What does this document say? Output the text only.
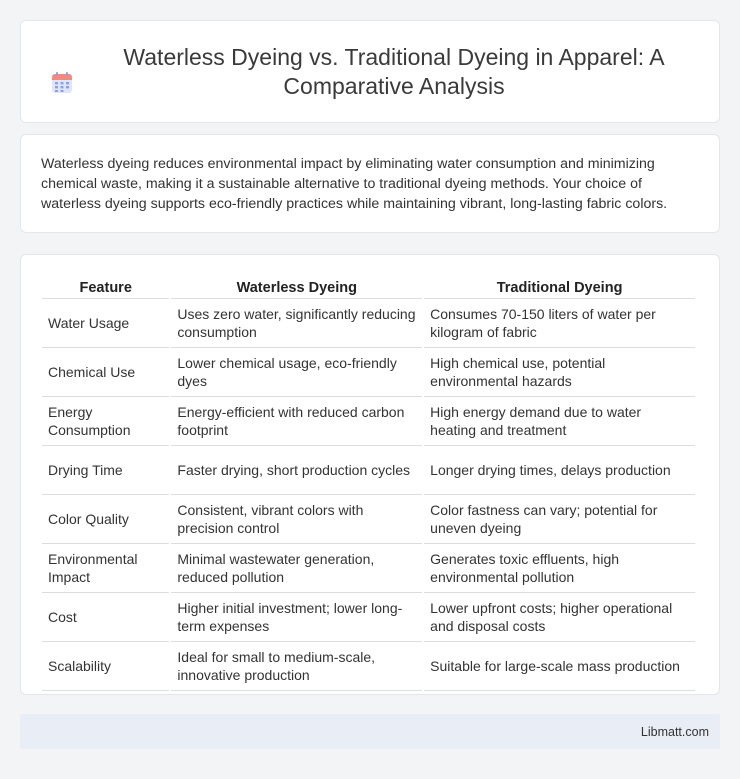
Waterless Dyeing vs. Traditional Dyeing in Apparel: A Comparative Analysis

Waterless dyeing reduces environmental impact by eliminating water consumption and minimizing chemical waste, making it a sustainable alternative to traditional dyeing methods. Your choice of waterless dyeing supports eco-friendly practices while maintaining vibrant, long-lasting fabric colors.

Feature	Waterless Dyeing	Traditional Dyeing
Water Usage	Uses zero water, significantly reducing consumption	Consumes 70-150 liters of water per kilogram of fabric
Chemical Use	Lower chemical usage, eco-friendly dyes	High chemical use, potential environmental hazards
Energy Consumption	Energy-efficient with reduced carbon footprint	High energy demand due to water heating and treatment
Drying Time	Faster drying, short production cycles	Longer drying times, delays production
Color Quality	Consistent, vibrant colors with precision control	Color fastness can vary; potential for uneven dyeing
Environmental Impact	Minimal wastewater generation, reduced pollution	Generates toxic effluents, high environmental pollution
Cost	Higher initial investment; lower long-term expenses	Lower upfront costs; higher operational and disposal costs
Scalability	Ideal for small to medium-scale, innovative production	Suitable for large-scale mass production
Libmatt.com
